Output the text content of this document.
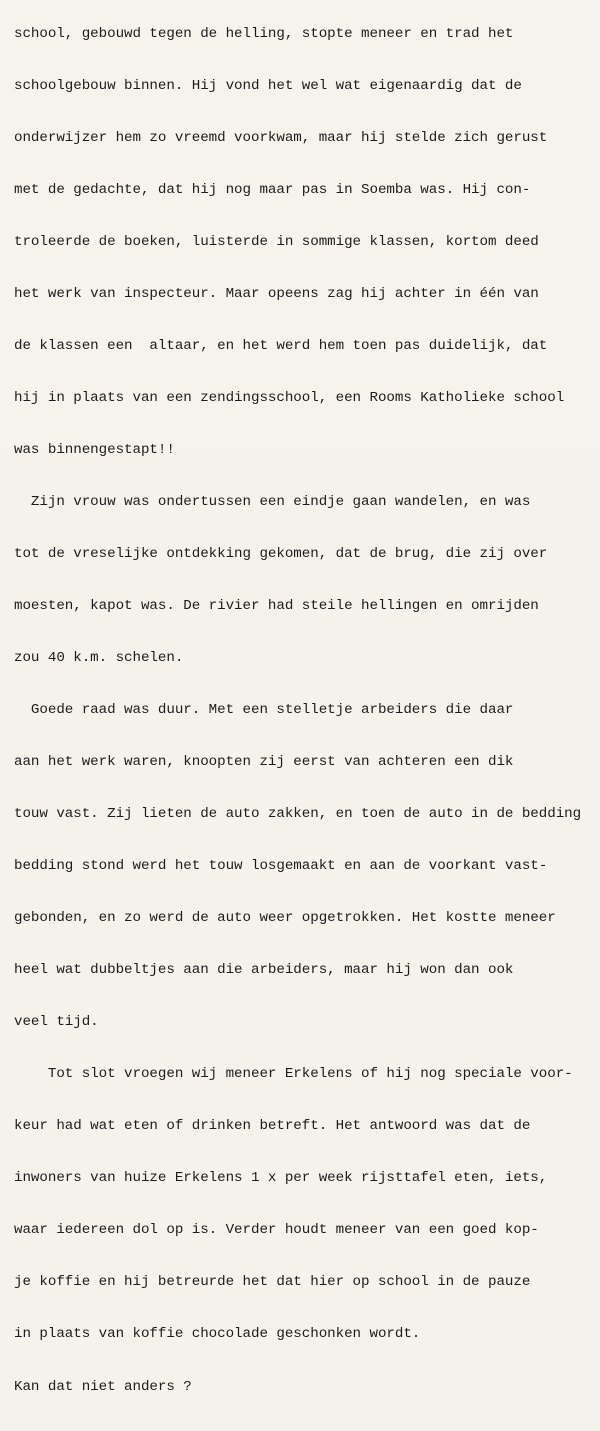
school, gebouwd tegen de helling, stopte meneer en trad het

schoolgebouw binnen. Hij vond het wel wat eigenaardig dat de

onderwijzer hem zo vreemd voorkwam, maar hij stelde zich gerust

met de gedachte, dat hij nog maar pas in Soemba was. Hij con-

troleerde de boeken, luisterde in sommige klassen, kortom deed

het werk van inspecteur. Maar opeens zag hij achter in één van

de klassen een  altaar, en het werd hem toen pas duidelijk, dat

hij in plaats van een zendingsschool, een Rooms Katholieke school

was binnengestapt!!

Zijn vrouw was ondertussen een eindje gaan wandelen, en was

tot de vreselijke ontdekking gekomen, dat de brug, die zij over

moesten, kapot was. De rivier had steile hellingen en omrijden

zou 40 k.m. schelen.

Goede raad was duur. Met een stelletje arbeiders die daar

aan het werk waren, knoopten zij eerst van achteren een dik

touw vast. Zij lieten de auto zakken, en toen de auto in de bedding

bedding stond werd het touw losgemaakt en aan de voorkant vast-

gebonden, en zo werd de auto weer opgetrokken. Het kostte meneer

heel wat dubbeltjes aan die arbeiders, maar hij won dan ook

veel tijd.

Tot slot vroegen wij meneer Erkelens of hij nog speciale voor-

keur had wat eten of drinken betreft. Het antwoord was dat de

inwoners van huize Erkelens 1 x per week rijsttafel eten, iets,

waar iedereen dol op is. Verder houdt meneer van een goed kop-

je koffie en hij betreurde het dat hier op school in de pauze

in plaats van koffie chocolade geschonken wordt.

Kan dat niet anders ?
